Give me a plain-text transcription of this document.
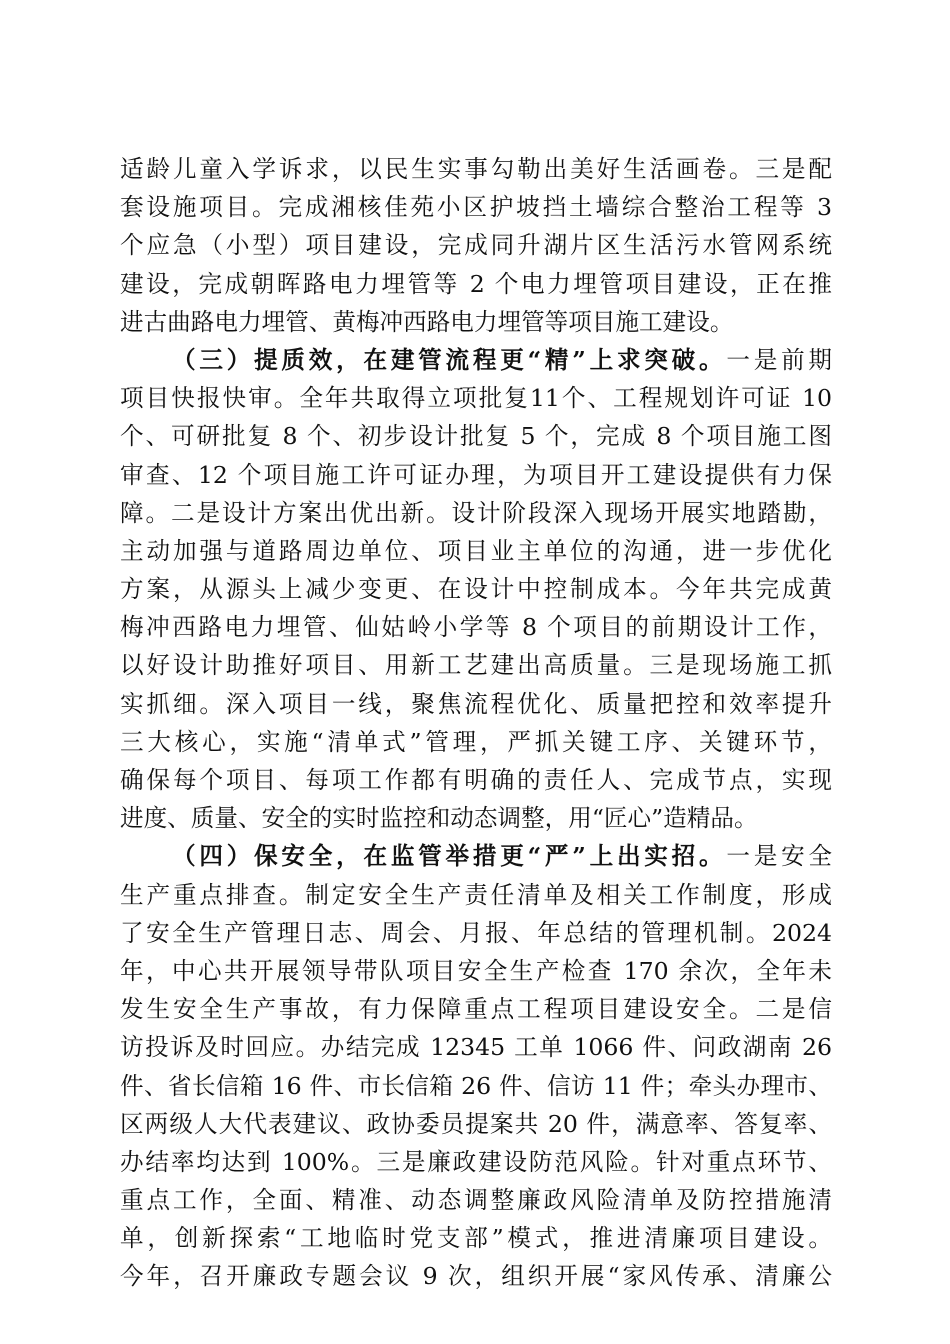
适龄儿童入学诉求，以民生实事勾勒出美好生活画卷。三是配
套设施项目。完成湘核佳苑小区护坡挡土墙综合整治工程等 3
个应急（小型）项目建设，完成同升湖片区生活污水管网系统
建设，完成朝晖路电力埋管等 2 个电力埋管项目建设，正在推
进古曲路电力埋管、黄梅冲西路电力埋管等项目施工建设。
（三）提质效，在建管流程更“精”上求突破。一是前期
项目快报快审。全年共取得立项批复11个、工程规划许可证 10
个、可研批复 8 个、初步设计批复 5 个，完成 8 个项目施工图
审查、12 个项目施工许可证办理，为项目开工建设提供有力保
障。二是设计方案出优出新。设计阶段深入现场开展实地踏勘，
主动加强与道路周边单位、项目业主单位的沟通，进一步优化
方案，从源头上减少变更、在设计中控制成本。今年共完成黄
梅冲西路电力埋管、仙姑岭小学等 8 个项目的前期设计工作，
以好设计助推好项目、用新工艺建出高质量。三是现场施工抓
实抓细。深入项目一线，聚焦流程优化、质量把控和效率提升
三大核心，实施“清单式”管理，严抓关键工序、关键环节，
确保每个项目、每项工作都有明确的责任人、完成节点，实现
进度、质量、安全的实时监控和动态调整，用“匠心”造精品。
（四）保安全，在监管举措更“严”上出实招。一是安全
生产重点排查。制定安全生产责任清单及相关工作制度，形成
了安全生产管理日志、周会、月报、年总结的管理机制。2024
年，中心共开展领导带队项目安全生产检查 170 余次，全年未
发生安全生产事故，有力保障重点工程项目建设安全。二是信
访投诉及时回应。办结完成 12345 工单 1066 件、问政湖南 26
件、省长信箱 16 件、市长信箱 26 件、信访 11 件；牵头办理市、
区两级人大代表建议、政协委员提案共 20 件，满意率、答复率、
办结率均达到 100%。三是廉政建设防范风险。针对重点环节、
重点工作，全面、精准、动态调整廉政风险清单及防控措施清
单，创新探索“工地临时党支部”模式，推进清廉项目建设。
今年，召开廉政专题会议 9 次，组织开展“家风传承、清廉公
